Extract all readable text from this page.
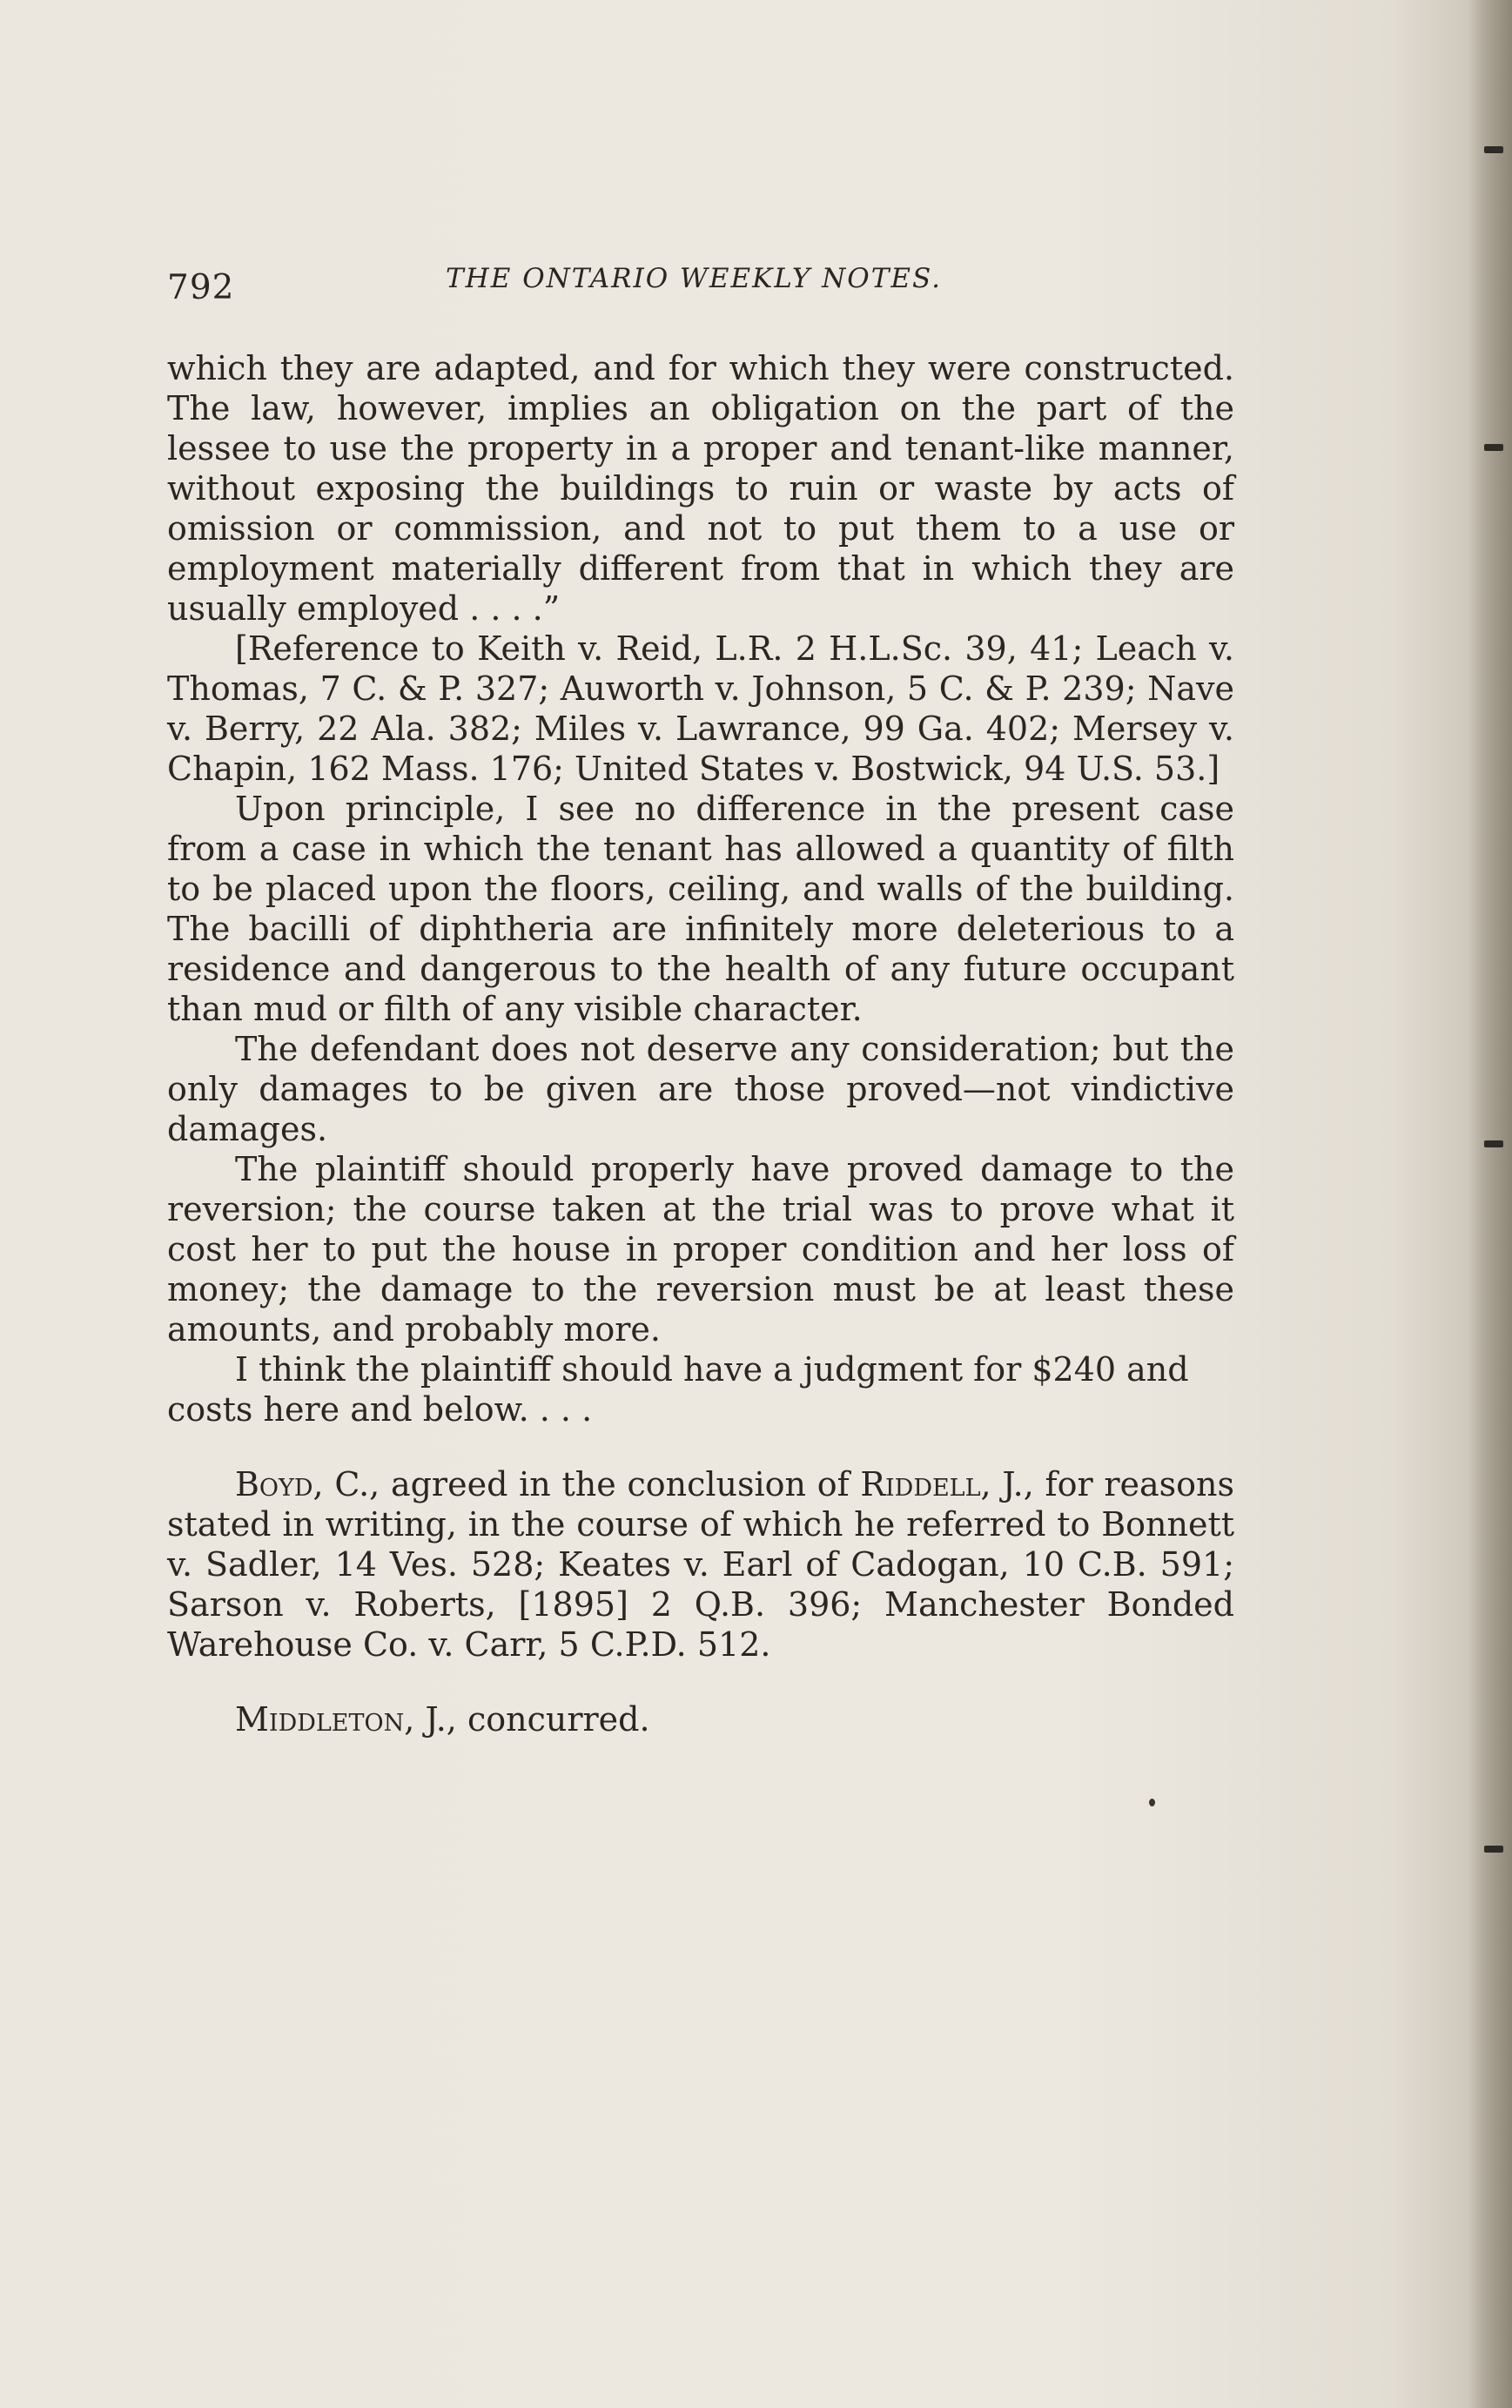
792	THE ONTARIO WEEKLY NOTES.

which they are adapted, and for which they were constructed. The law, however, implies an obligation on the part of the lessee to use the property in a proper and tenant-like manner, without exposing the buildings to ruin or waste by acts of omission or commission, and not to put them to a use or employment materially different from that in which they are usually employed . . . .”

[Reference to Keith v. Reid, L.R. 2 H.L.Sc. 39, 41; Leach v. Thomas, 7 C. & P. 327; Auworth v. Johnson, 5 C. & P. 239; Nave v. Berry, 22 Ala. 382; Miles v. Lawrance, 99 Ga. 402; Mersey v. Chapin, 162 Mass. 176; United States v. Bostwick, 94 U.S. 53.]

Upon principle, I see no difference in the present case from a case in which the tenant has allowed a quantity of filth to be placed upon the floors, ceiling, and walls of the building. The bacilli of diphtheria are infinitely more deleterious to a residence and dangerous to the health of any future occupant than mud or filth of any visible character.

The defendant does not deserve any consideration; but the only damages to be given are those proved—not vindictive damages.

The plaintiff should properly have proved damage to the reversion; the course taken at the trial was to prove what it cost her to put the house in proper condition and her loss of money; the damage to the reversion must be at least these amounts, and probably more.

I think the plaintiff should have a judgment for $240 and costs here and below. . . .

Boyd, C., agreed in the conclusion of Riddell, J., for reasons stated in writing, in the course of which he referred to Bonnett v. Sadler, 14 Ves. 528; Keates v. Earl of Cadogan, 10 C.B. 591; Sarson v. Roberts, [1895] 2 Q.B. 396; Manchester Bonded Warehouse Co. v. Carr, 5 C.P.D. 512.

Middleton, J., concurred.
